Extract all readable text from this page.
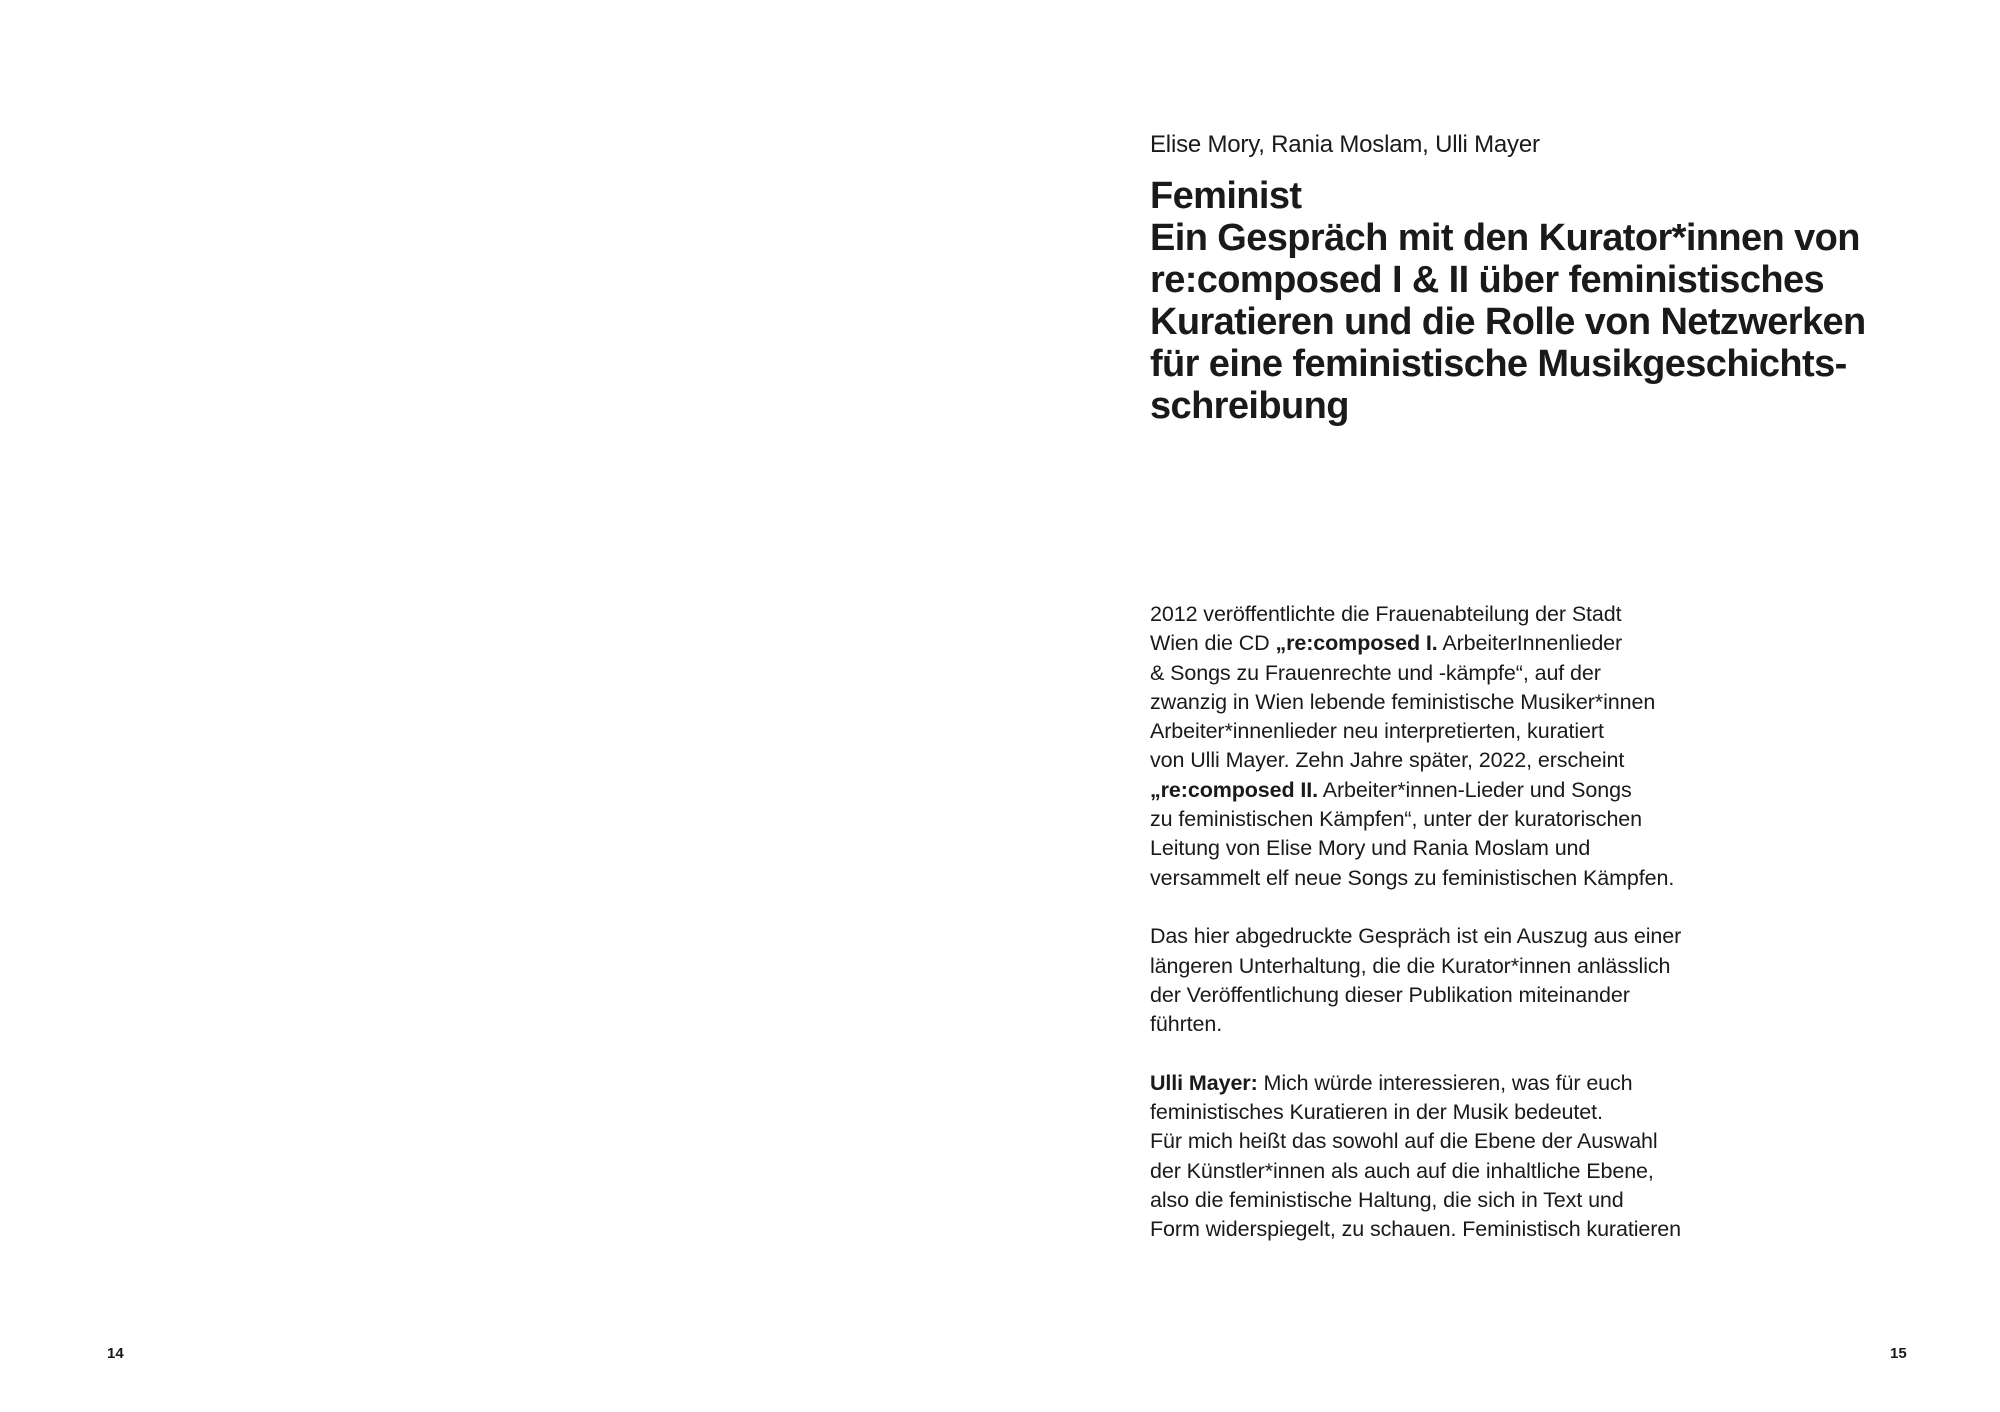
14
Elise Mory, Rania Moslam, Ulli Mayer
Feminist
Ein Gespräch mit den Kurator*innen von
re:composed I & II über feministisches
Kuratieren und die Rolle von Netzwerken
für eine feministische Musikgeschichts-
schreibung
2012 veröffentlichte die Frauenabteilung der Stadt
Wien die CD „re:composed I. ArbeiterInnenlieder
& Songs zu Frauenrechte und -kämpfe“, auf der
zwanzig in Wien lebende feministische Musiker*innen
Arbeiter*innenlieder neu interpretierten, kuratiert
von Ulli Mayer. Zehn Jahre später, 2022, erscheint
„re:composed II. Arbeiter*innen-Lieder und Songs
zu feministischen Kämpfen“, unter der kuratorischen
Leitung von Elise Mory und Rania Moslam und
versammelt elf neue Songs zu feministischen Kämpfen.
Das hier abgedruckte Gespräch ist ein Auszug aus einer
längeren Unterhaltung, die die Kurator*innen anlässlich
der Veröffentlichung dieser Publikation miteinander
führten.
Ulli Mayer: Mich würde interessieren, was für euch
feministisches Kuratieren in der Musik bedeutet.
Für mich heißt das sowohl auf die Ebene der Auswahl
der Künstler*innen als auch auf die inhaltliche Ebene,
also die feministische Haltung, die sich in Text und
Form widerspiegelt, zu schauen. Feministisch kuratieren
15
